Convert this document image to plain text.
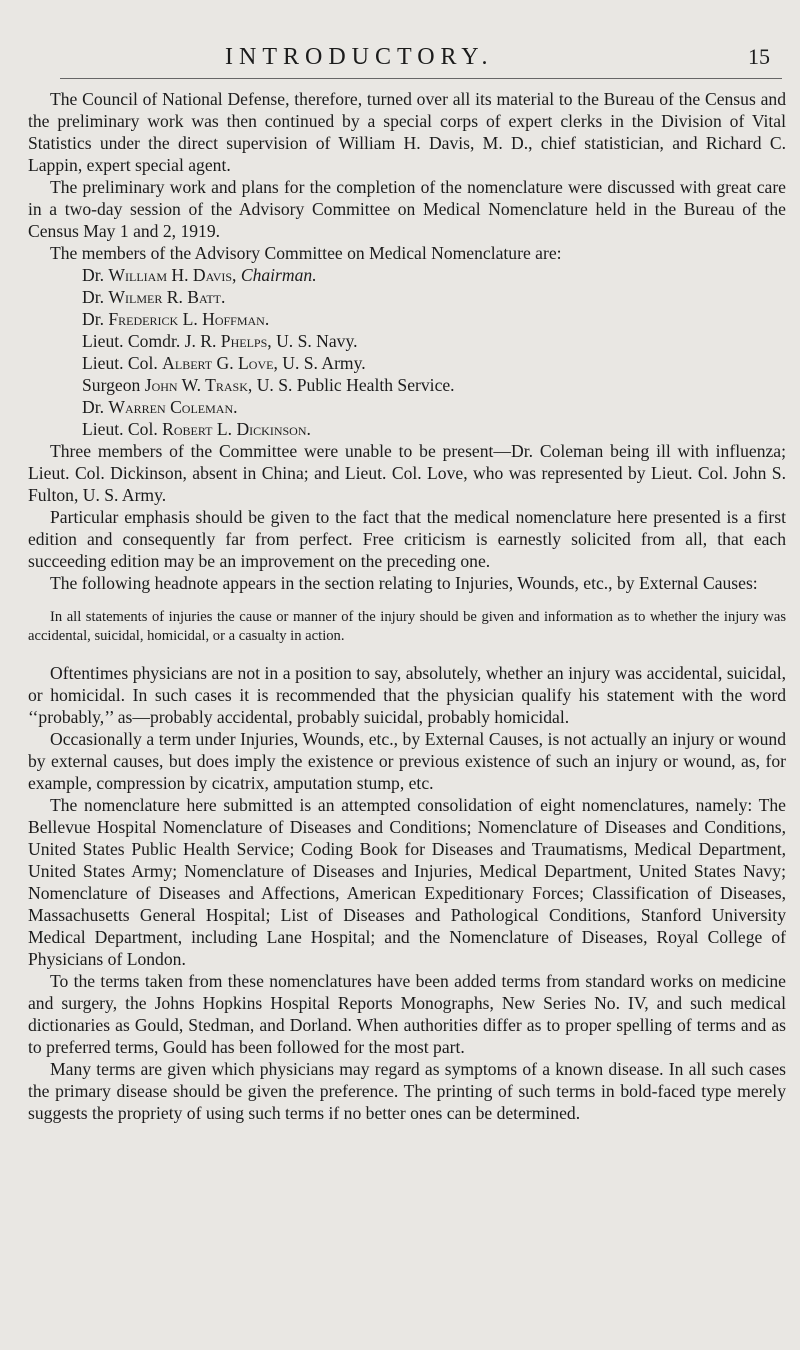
INTRODUCTORY.	15

The Council of National Defense, therefore, turned over all its material to the Bureau of the Census and the preliminary work was then continued by a special corps of expert clerks in the Division of Vital Statistics under the direct supervision of William H. Davis, M. D., chief statistician, and Richard C. Lappin, expert special agent.

The preliminary work and plans for the completion of the nomenclature were discussed with great care in a two-day session of the Advisory Committee on Medical Nomenclature held in the Bureau of the Census May 1 and 2, 1919.

The members of the Advisory Committee on Medical Nomenclature are:

Dr. William H. Davis, Chairman.
Dr. Wilmer R. Batt.
Dr. Frederick L. Hoffman.
Lieut. Comdr. J. R. Phelps, U. S. Navy.
Lieut. Col. Albert G. Love, U. S. Army.
Surgeon John W. Trask, U. S. Public Health Service.
Dr. Warren Coleman.
Lieut. Col. Robert L. Dickinson.

Three members of the Committee were unable to be present—Dr. Coleman being ill with influenza; Lieut. Col. Dickinson, absent in China; and Lieut. Col. Love, who was represented by Lieut. Col. John S. Fulton, U. S. Army.

Particular emphasis should be given to the fact that the medical nomenclature here presented is a first edition and consequently far from perfect. Free criticism is earnestly solicited from all, that each succeeding edition may be an improvement on the preceding one.

The following headnote appears in the section relating to Injuries, Wounds, etc., by External Causes:

In all statements of injuries the cause or manner of the injury should be given and information as to whether the injury was accidental, suicidal, homicidal, or a casualty in action.

Oftentimes physicians are not in a position to say, absolutely, whether an injury was accidental, suicidal, or homicidal. In such cases it is recommended that the physician qualify his statement with the word ‘‘probably,’’ as—probably accidental, probably suicidal, probably homicidal.

Occasionally a term under Injuries, Wounds, etc., by External Causes, is not actually an injury or wound by external causes, but does imply the existence or previous existence of such an injury or wound, as, for example, compression by cicatrix, amputation stump, etc.

The nomenclature here submitted is an attempted consolidation of eight nomenclatures, namely: The Bellevue Hospital Nomenclature of Diseases and Conditions; Nomenclature of Diseases and Conditions, United States Public Health Service; Coding Book for Diseases and Traumatisms, Medical Department, United States Army; Nomenclature of Diseases and Injuries, Medical Department, United States Navy; Nomenclature of Diseases and Affections, American Expeditionary Forces; Classification of Diseases, Massachusetts General Hospital; List of Diseases and Pathological Conditions, Stanford University Medical Department, including Lane Hospital; and the Nomenclature of Diseases, Royal College of Physicians of London.

To the terms taken from these nomenclatures have been added terms from standard works on medicine and surgery, the Johns Hopkins Hospital Reports Monographs, New Series No. IV, and such medical dictionaries as Gould, Stedman, and Dorland. When authorities differ as to proper spelling of terms and as to preferred terms, Gould has been followed for the most part.

Many terms are given which physicians may regard as symptoms of a known disease. In all such cases the primary disease should be given the preference. The printing of such terms in bold-faced type merely suggests the propriety of using such terms if no better ones can be determined.
